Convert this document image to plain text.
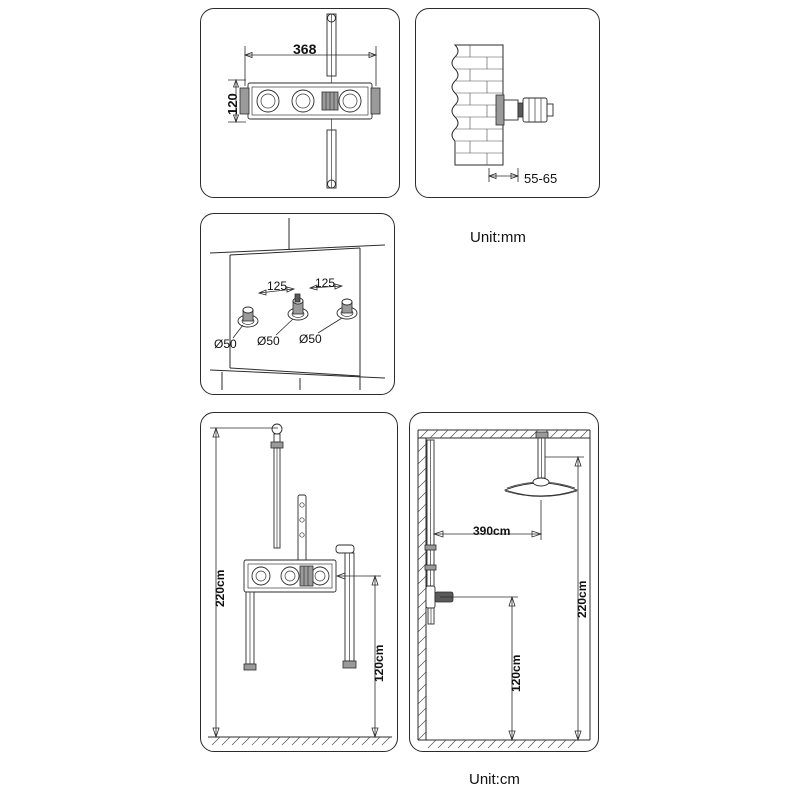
368
120
55-65
Unit:mm
125 125
Ø50 Ø50 Ø50
220cm
120cm
390cm
120cm
220cm
Unit:cm
